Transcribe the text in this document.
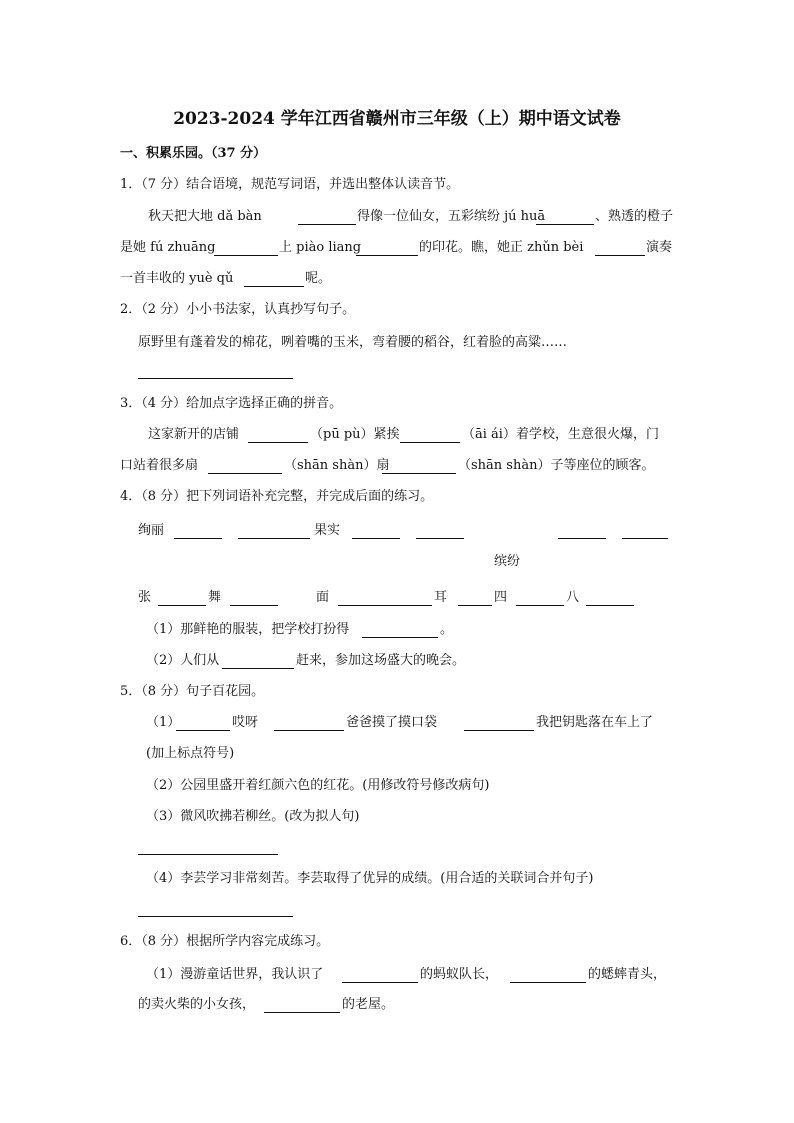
2023-2024 学年江西省赣州市三年级（上）期中语文试卷
一、积累乐园。（37 分）
1．（7 分）结合语境，规范写词语，并选出整体认读音节。
秋天把大地 dǎ bàn	得像一位仙女，五彩缤纷 jú huā	、熟透的橙子
是她 fú zhuāng	上 piào liang	的印花。瞧，她正 zhǔn bèi	演奏
一首丰收的 yuè qǔ	呢。
2．（2 分）小小书法家，认真抄写句子。
原野里有蓬着发的棉花，咧着嘴的玉米，弯着腰的稻谷，红着脸的高粱……
3．（4 分）给加点字选择正确的拼音。
这家新开的店铺	（pū pù）紧挨	（āi ái）着学校，生意很火爆，门
口站着很多扇	（shān shàn）扇	（shān shàn）子等座位的顾客。
4．（8 分）把下列词语补充完整，并完成后面的练习。
绚丽	果实
缤纷
张	舞	面	耳	四	八
（1）那鲜艳的服装，把学校打扮得	。
（2）人们从	赶来，参加这场盛大的晚会。
5．（8 分）句子百花园。
（1）	哎呀	爸爸摸了摸口袋	我把钥匙落在车上了
(加上标点符号)
（2）公园里盛开着红颜六色的红花。(用修改符号修改病句)
（3）微风吹拂若柳丝。(改为拟人句)
（4）李芸学习非常刻苦。李芸取得了优异的成绩。(用合适的关联词合并句子)
6．（8 分）根据所学内容完成练习。
（1）漫游童话世界，我认识了	的蚂蚁队长，	的蟋蟀青头，
的卖火柴的小女孩，	的老屋。
